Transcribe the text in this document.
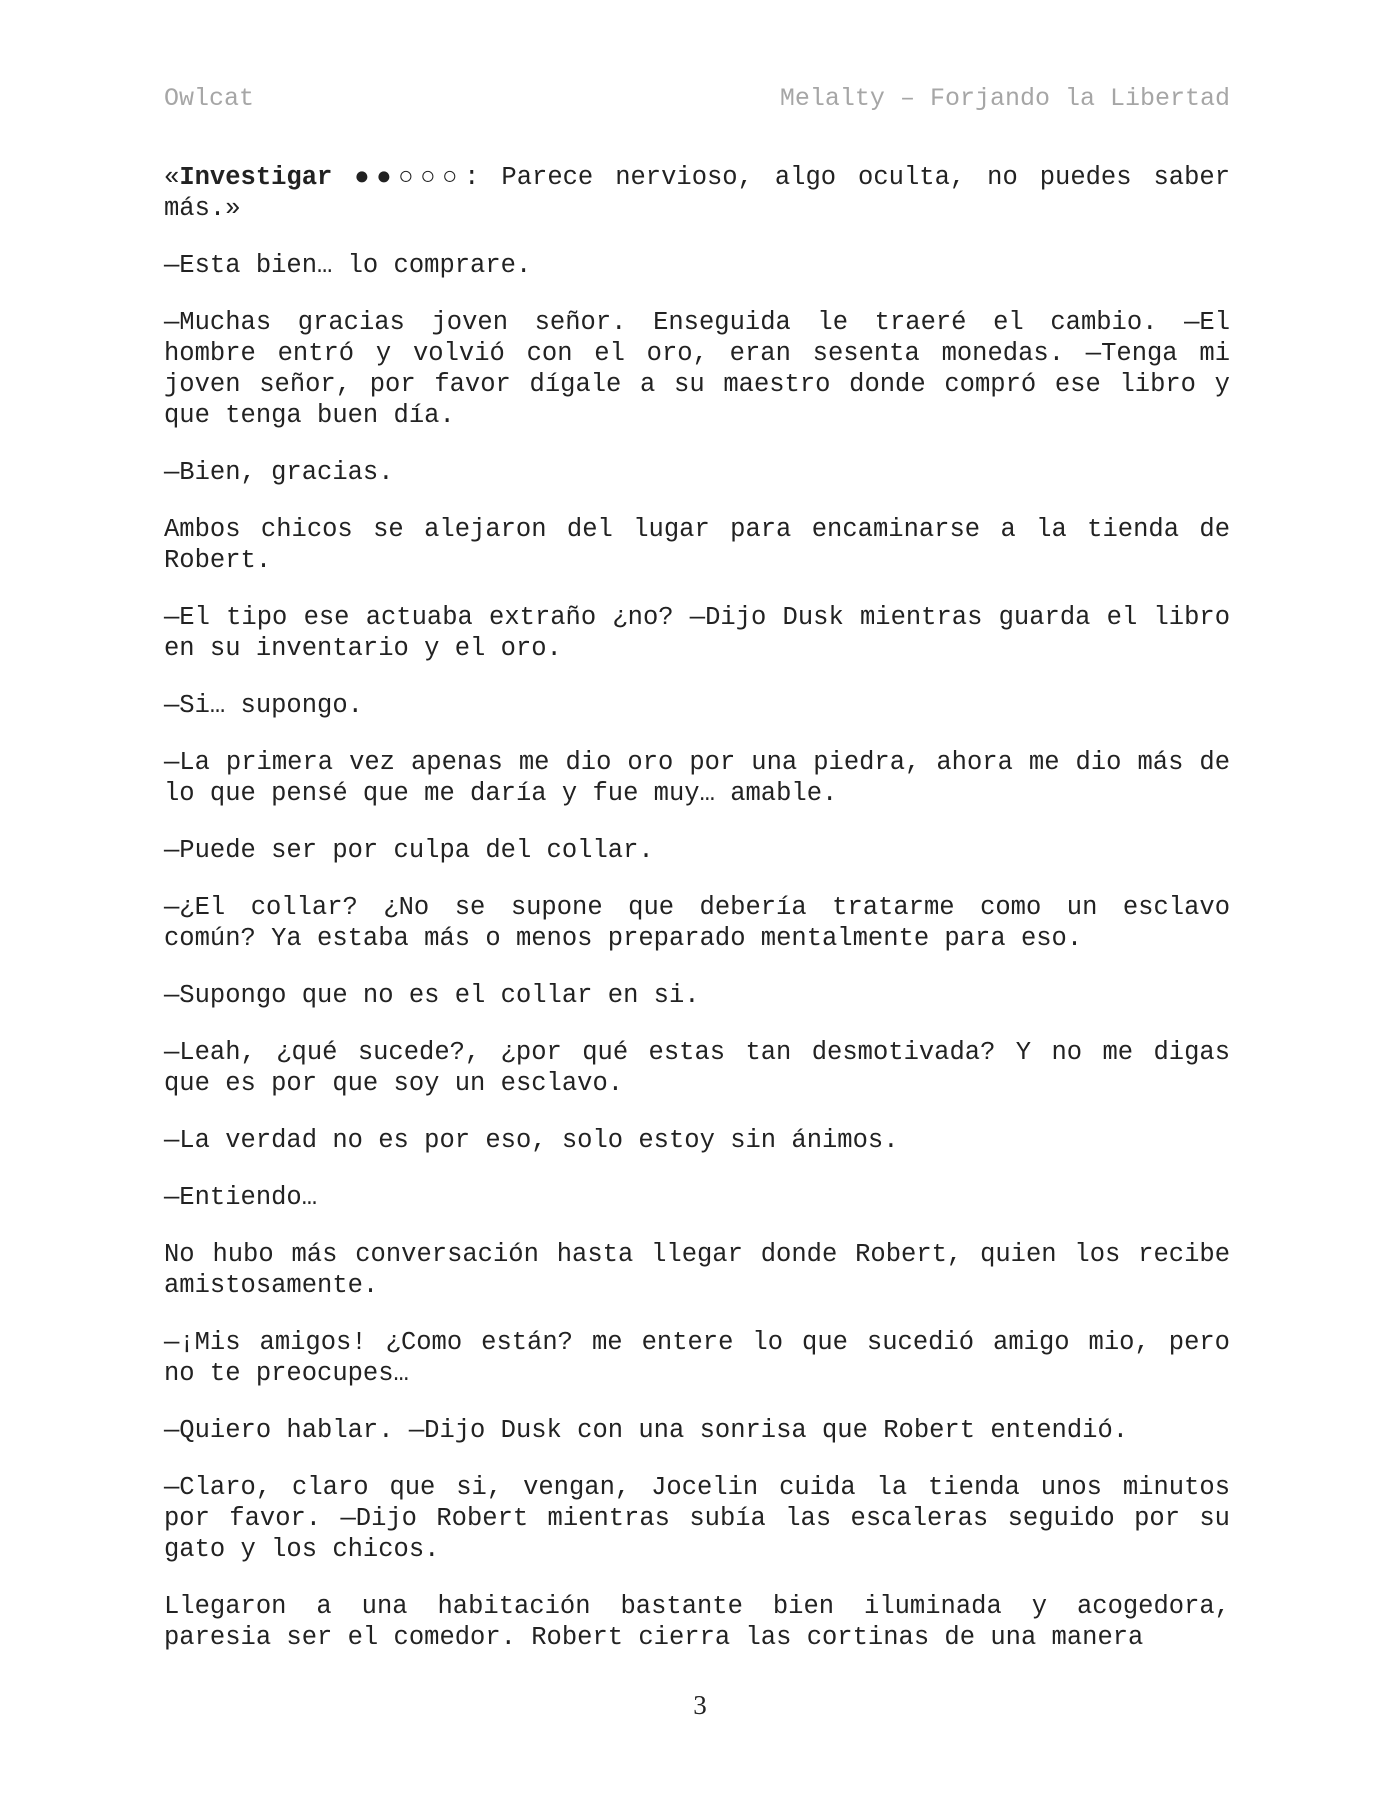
Owlcat	Melalty – Forjando la Libertad

«Investigar ●●○○○: Parece nervioso, algo oculta, no puedes saber más.»

—Esta bien… lo comprare.

—Muchas gracias joven señor. Enseguida le traeré el cambio. —El hombre entró y volvió con el oro, eran sesenta monedas. —Tenga mi joven señor, por favor dígale a su maestro donde compró ese libro y que tenga buen día.

—Bien, gracias.

Ambos chicos se alejaron del lugar para encaminarse a la tienda de Robert.

—El tipo ese actuaba extraño ¿no? —Dijo Dusk mientras guarda el libro en su inventario y el oro.

—Si… supongo.

—La primera vez apenas me dio oro por una piedra, ahora me dio más de lo que pensé que me daría y fue muy… amable.

—Puede ser por culpa del collar.

—¿El collar? ¿No se supone que debería tratarme como un esclavo común? Ya estaba más o menos preparado mentalmente para eso.

—Supongo que no es el collar en si.

—Leah, ¿qué sucede?, ¿por qué estas tan desmotivada? Y no me digas que es por que soy un esclavo.

—La verdad no es por eso, solo estoy sin ánimos.

—Entiendo…

No hubo más conversación hasta llegar donde Robert, quien los recibe amistosamente.

—¡Mis amigos! ¿Como están? me entere lo que sucedió amigo mio, pero no te preocupes…

—Quiero hablar. —Dijo Dusk con una sonrisa que Robert entendió.

—Claro, claro que si, vengan, Jocelin cuida la tienda unos minutos por favor. —Dijo Robert mientras subía las escaleras seguido por su gato y los chicos.

Llegaron a una habitación bastante bien iluminada y acogedora, paresia ser el comedor. Robert cierra las cortinas de una manera

3
